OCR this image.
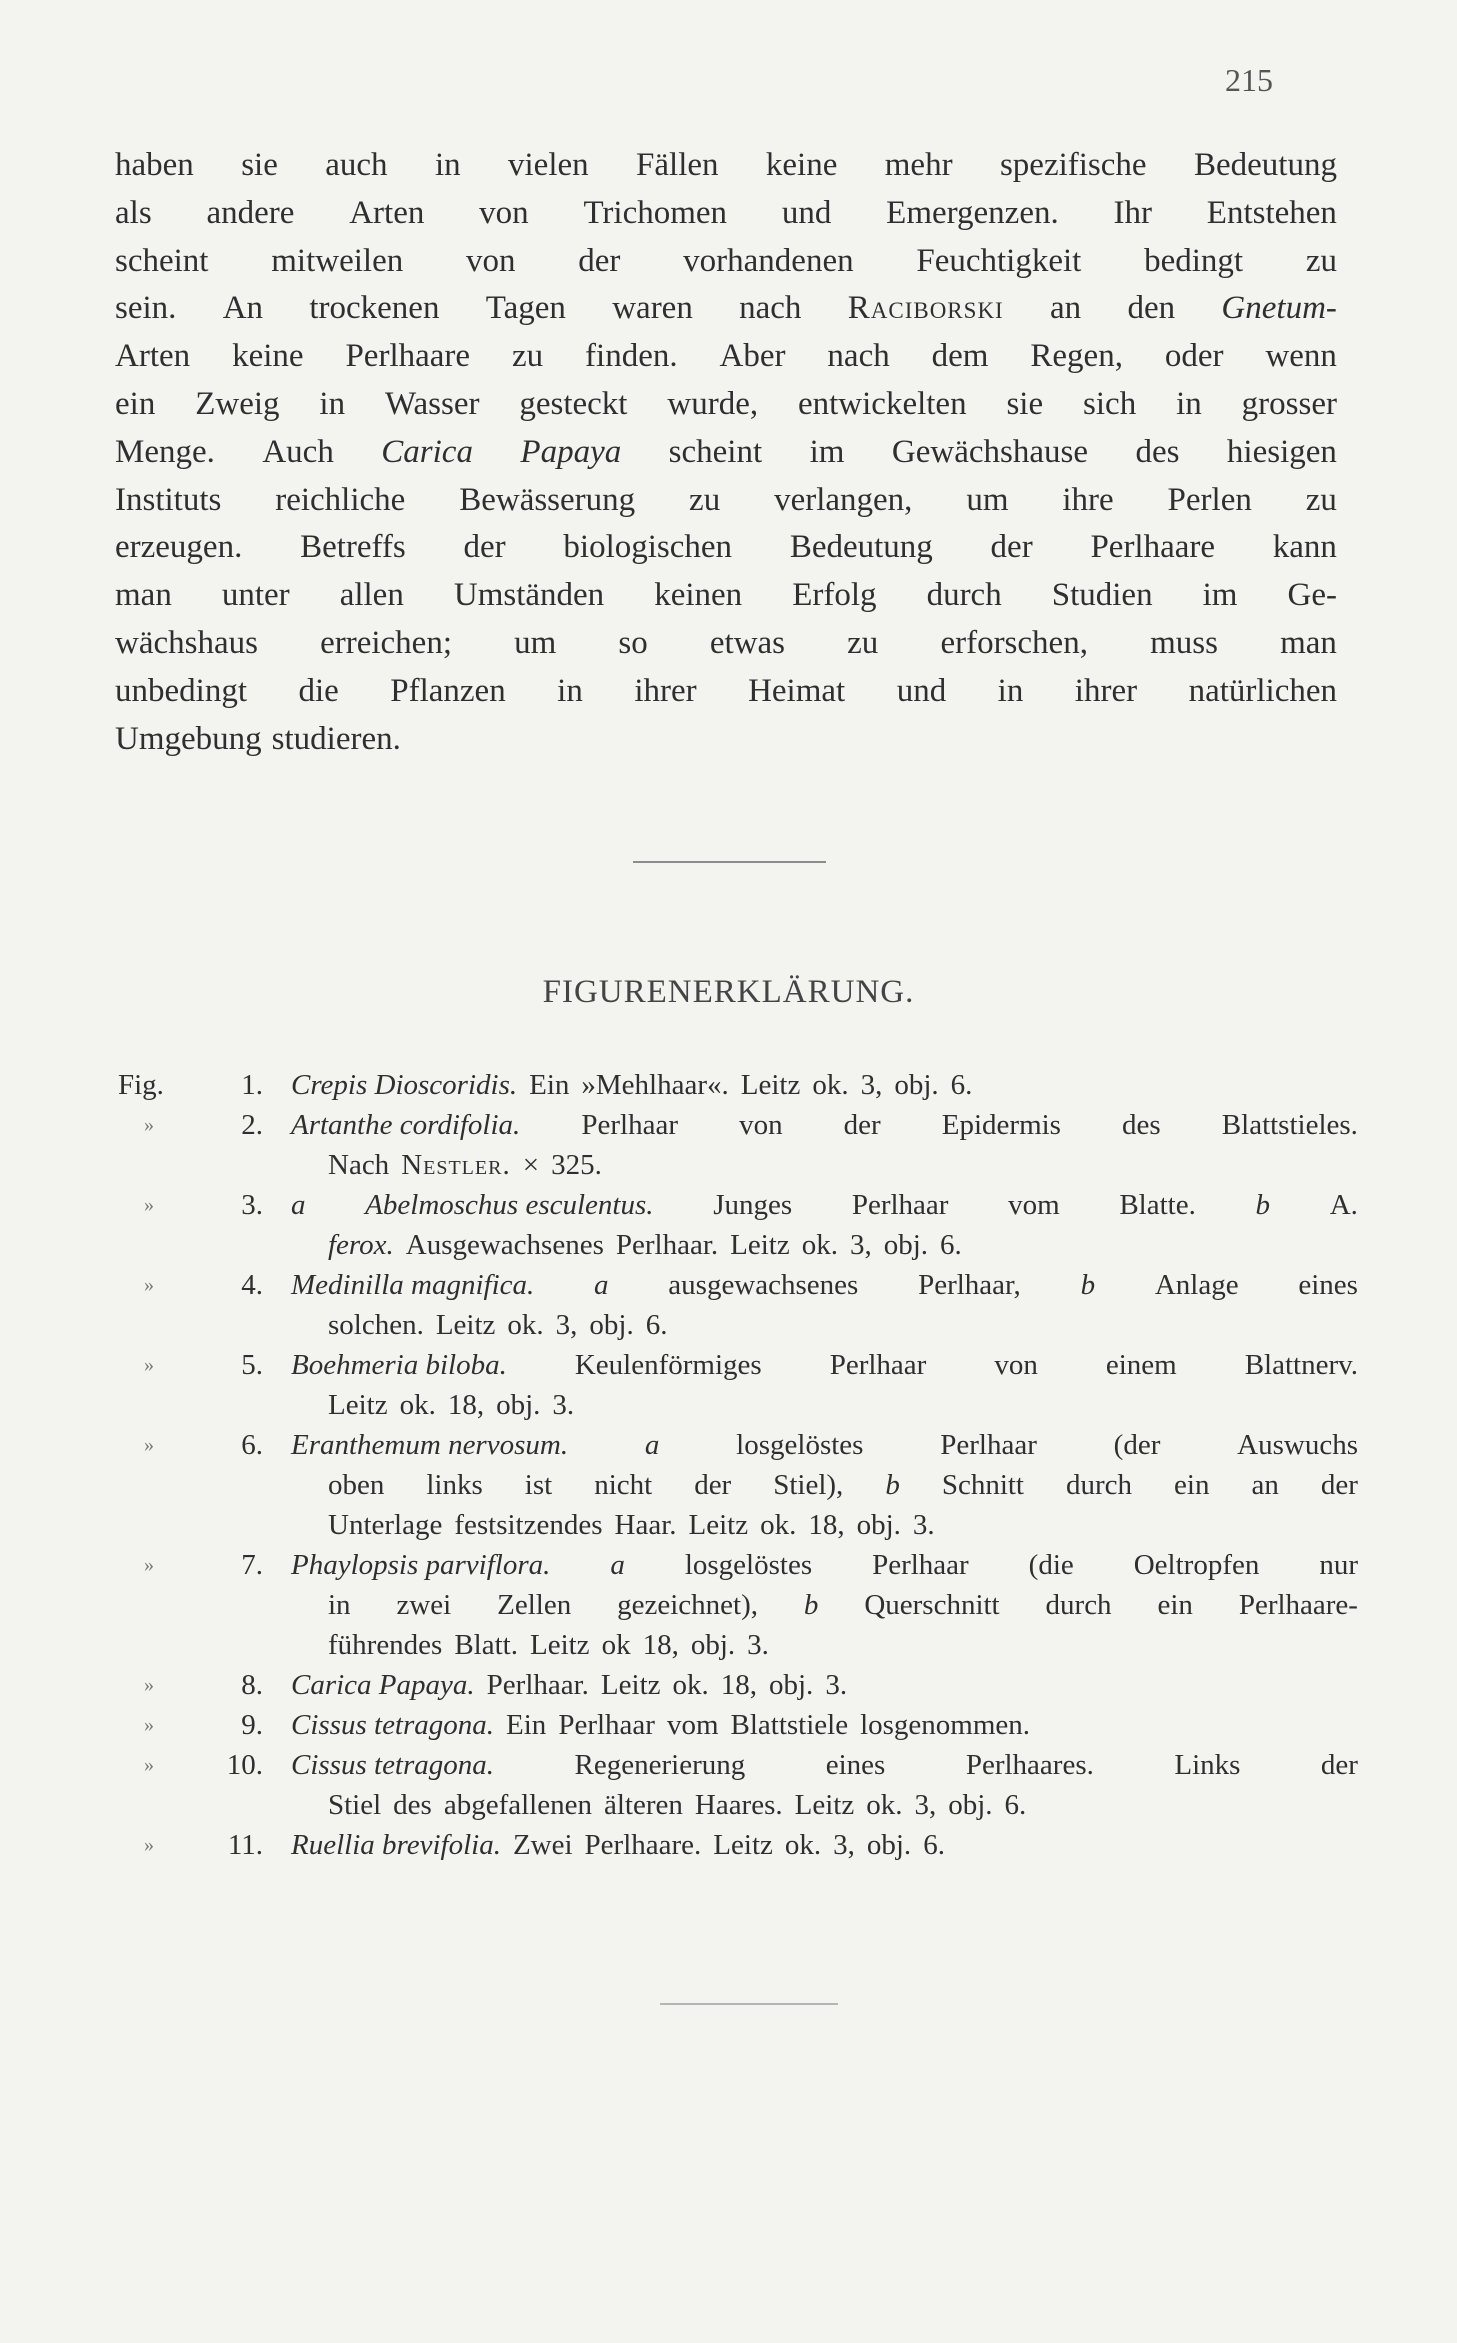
215
haben sie auch in vielen Fällen keine mehr spezifische Bedeutung
als andere Arten von Trichomen und Emergenzen. Ihr Entstehen
scheint mitweilen von der vorhandenen Feuchtigkeit bedingt zu
sein. An trockenen Tagen waren nach Raciborski an den Gnetum-
Arten keine Perlhaare zu finden. Aber nach dem Regen, oder wenn
ein Zweig in Wasser gesteckt wurde, entwickelten sie sich in grosser
Menge. Auch Carica Papaya scheint im Gewächshause des hiesigen
Instituts reichliche Bewässerung zu verlangen, um ihre Perlen zu
erzeugen. Betreffs der biologischen Bedeutung der Perlhaare kann
man unter allen Umständen keinen Erfolg durch Studien im Ge-
wächshaus erreichen; um so etwas zu erforschen, muss man
unbedingt die Pflanzen in ihrer Heimat und in ihrer natürlichen
Umgebung studieren.
FIGURENERKLÄRUNG.
Fig.	1. Crepis Dioscoridis. Ein »Mehlhaar«. Leitz ok. 3, obj. 6.
»	2. Artanthe cordifolia. Perlhaar von der Epidermis des Blattstieles.
Nach Nestler. × 325.
»	3. a Abelmoschus esculentus. Junges Perlhaar vom Blatte. b A.
ferox. Ausgewachsenes Perlhaar. Leitz ok. 3, obj. 6.
»	4. Medinilla magnifica. a ausgewachsenes Perlhaar, b Anlage eines
solchen. Leitz ok. 3, obj. 6.
»	5. Boehmeria biloba. Keulenförmiges Perlhaar von einem Blattnerv.
Leitz ok. 18, obj. 3.
»	6. Eranthemum nervosum.	a	losgelöstes	Perlhaar	(der	Auswuchs
oben links ist nicht der Stiel), b Schnitt durch ein an der
Unterlage festsitzendes Haar. Leitz ok. 18, obj. 3.
»	7. Phaylopsis parviflora. a losgelöstes Perlhaar (die Oeltropfen nur
in zwei Zellen gezeichnet), b Querschnitt durch ein Perlhaare-
führendes Blatt. Leitz ok 18, obj. 3.
»	8. Carica Papaya. Perlhaar. Leitz ok. 18, obj. 3.
»	9. Cissus tetragona. Ein Perlhaar vom Blattstiele losgenommen.
»	10. Cissus tetragona.	Regenerierung	eines	Perlhaares.	Links	der
Stiel des abgefallenen älteren Haares. Leitz ok. 3, obj. 6.
»	11. Ruellia brevifolia. Zwei Perlhaare. Leitz ok. 3, obj. 6.
